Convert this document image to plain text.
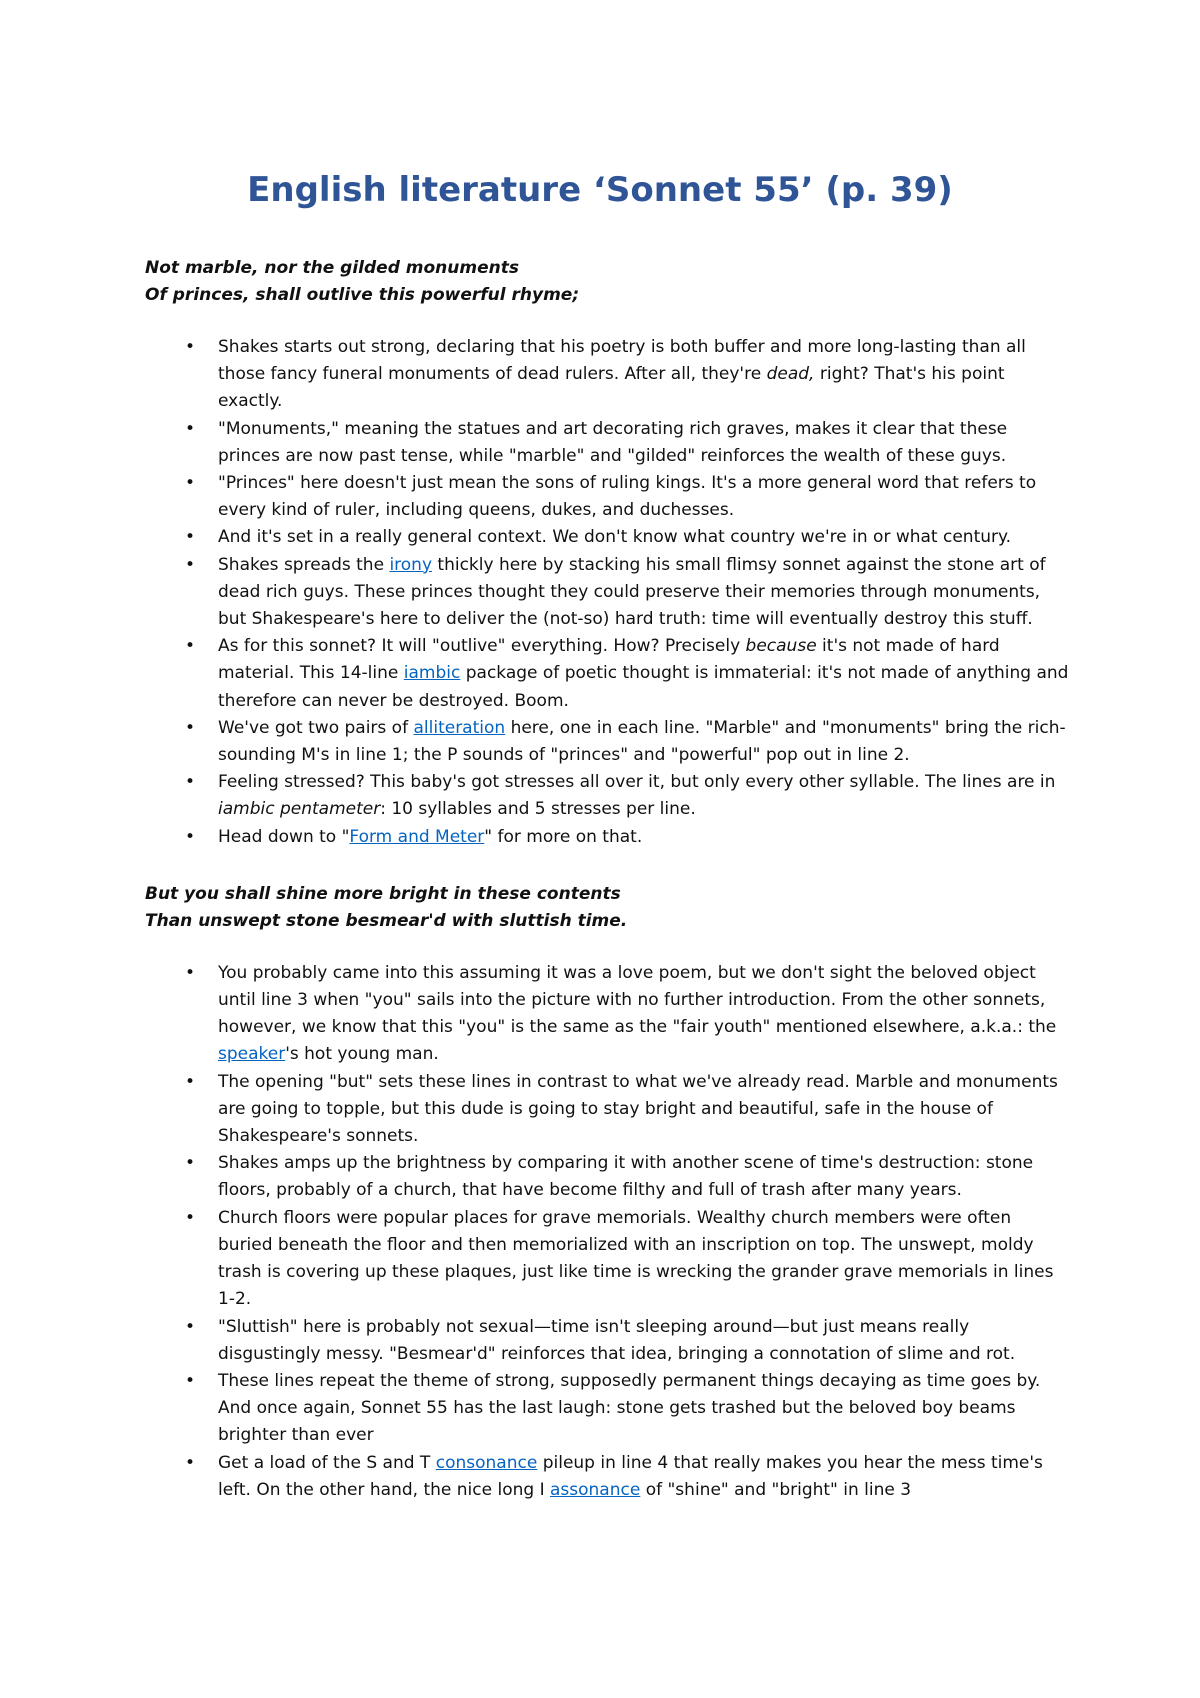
English literature ‘Sonnet 55’ (p. 39)

Not marble, nor the gilded monuments
Of princes, shall outlive this powerful rhyme;

• Shakes starts out strong, declaring that his poetry is both buffer and more long-lasting than all those fancy funeral monuments of dead rulers. After all, they're dead, right? That's his point exactly.
• "Monuments," meaning the statues and art decorating rich graves, makes it clear that these princes are now past tense, while "marble" and "gilded" reinforces the wealth of these guys.
• "Princes" here doesn't just mean the sons of ruling kings. It's a more general word that refers to every kind of ruler, including queens, dukes, and duchesses.
• And it's set in a really general context. We don't know what country we're in or what century.
• Shakes spreads the irony thickly here by stacking his small flimsy sonnet against the stone art of dead rich guys. These princes thought they could preserve their memories through monuments, but Shakespeare's here to deliver the (not-so) hard truth: time will eventually destroy this stuff.
• As for this sonnet? It will "outlive" everything. How? Precisely because it's not made of hard material. This 14-line iambic package of poetic thought is immaterial: it's not made of anything and therefore can never be destroyed. Boom.
• We've got two pairs of alliteration here, one in each line. "Marble" and "monuments" bring the rich-sounding M's in line 1; the P sounds of "princes" and "powerful" pop out in line 2.
• Feeling stressed? This baby's got stresses all over it, but only every other syllable. The lines are in iambic pentameter: 10 syllables and 5 stresses per line.
• Head down to "Form and Meter" for more on that.

But you shall shine more bright in these contents
Than unswept stone besmear'd with sluttish time.

• You probably came into this assuming it was a love poem, but we don't sight the beloved object until line 3 when "you" sails into the picture with no further introduction. From the other sonnets, however, we know that this "you" is the same as the "fair youth" mentioned elsewhere, a.k.a.: the speaker's hot young man.
• The opening "but" sets these lines in contrast to what we've already read. Marble and monuments are going to topple, but this dude is going to stay bright and beautiful, safe in the house of Shakespeare's sonnets.
• Shakes amps up the brightness by comparing it with another scene of time's destruction: stone floors, probably of a church, that have become filthy and full of trash after many years.
• Church floors were popular places for grave memorials. Wealthy church members were often buried beneath the floor and then memorialized with an inscription on top. The unswept, moldy trash is covering up these plaques, just like time is wrecking the grander grave memorials in lines 1-2.
• "Sluttish" here is probably not sexual—time isn't sleeping around—but just means really disgustingly messy. "Besmear'd" reinforces that idea, bringing a connotation of slime and rot.
• These lines repeat the theme of strong, supposedly permanent things decaying as time goes by. And once again, Sonnet 55 has the last laugh: stone gets trashed but the beloved boy beams brighter than ever
• Get a load of the S and T consonance pileup in line 4 that really makes you hear the mess time's left. On the other hand, the nice long I assonance of "shine" and "bright" in line 3
